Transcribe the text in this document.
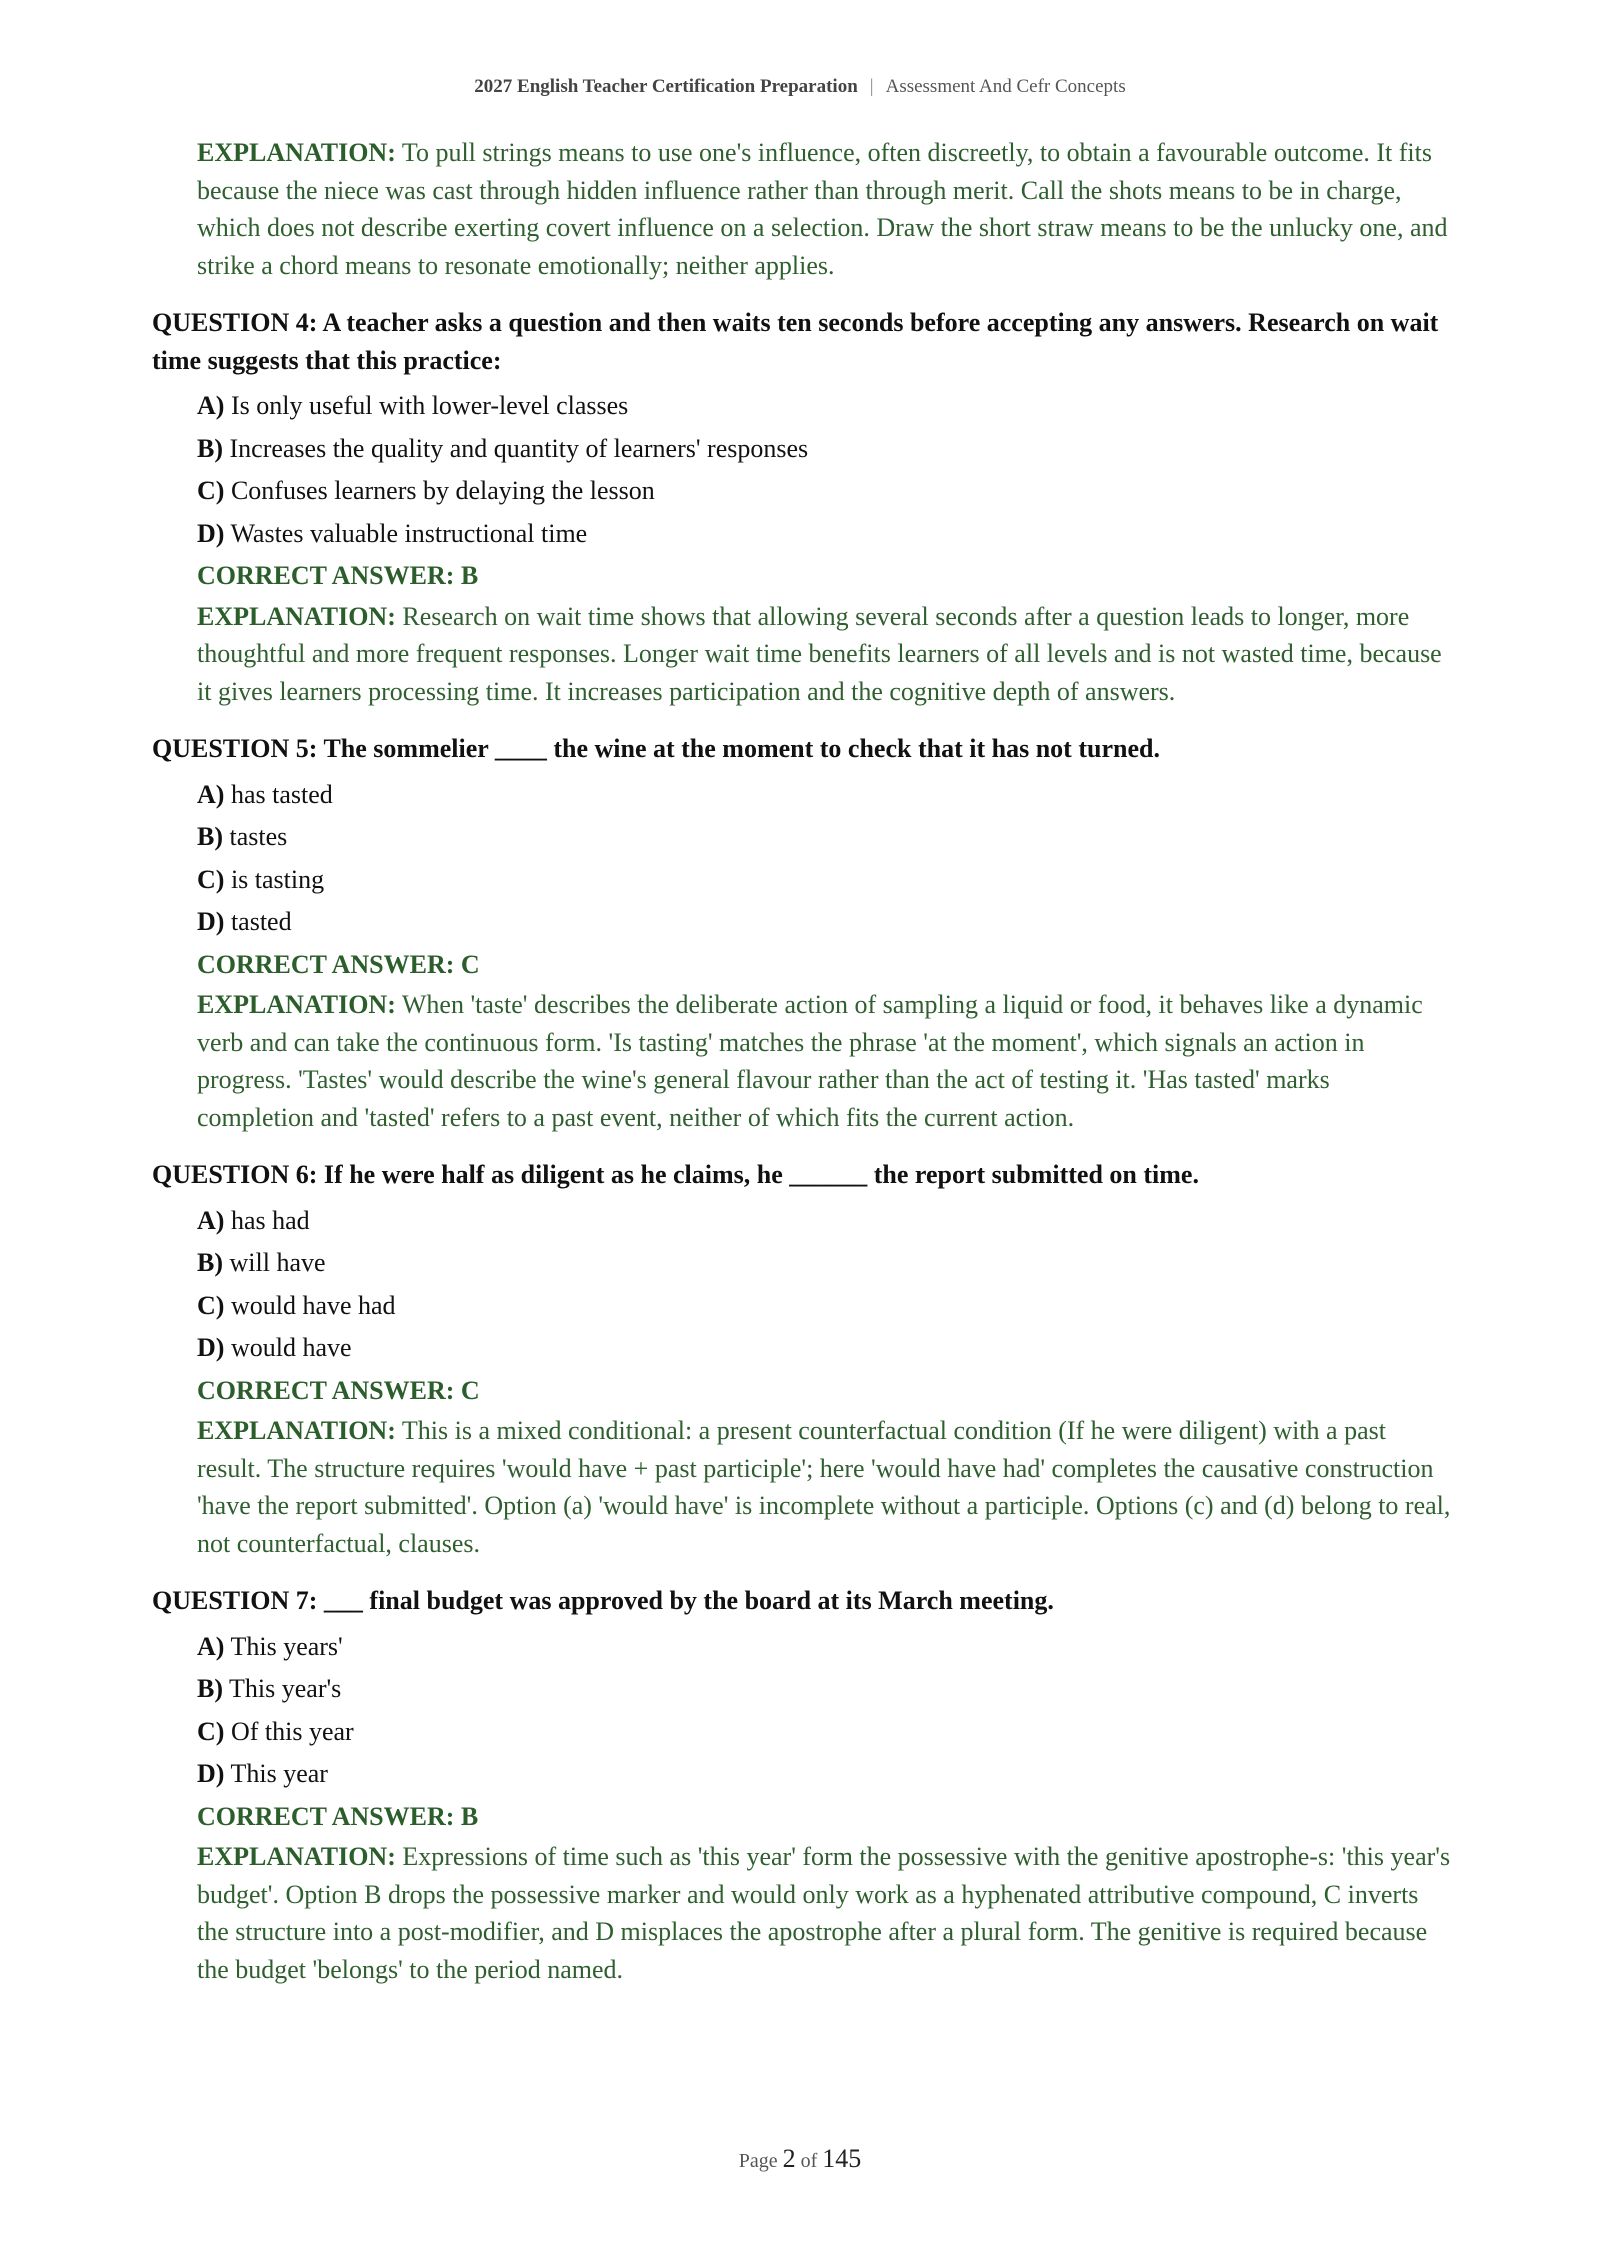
2027 English Teacher Certification Preparation | Assessment And Cefr Concepts
EXPLANATION: To pull strings means to use one's influence, often discreetly, to obtain a favourable outcome. It fits because the niece was cast through hidden influence rather than through merit. Call the shots means to be in charge, which does not describe exerting covert influence on a selection. Draw the short straw means to be the unlucky one, and strike a chord means to resonate emotionally; neither applies.
QUESTION 4: A teacher asks a question and then waits ten seconds before accepting any answers. Research on wait time suggests that this practice:
A) Is only useful with lower-level classes
B) Increases the quality and quantity of learners' responses
C) Confuses learners by delaying the lesson
D) Wastes valuable instructional time
CORRECT ANSWER: B
EXPLANATION: Research on wait time shows that allowing several seconds after a question leads to longer, more thoughtful and more frequent responses. Longer wait time benefits learners of all levels and is not wasted time, because it gives learners processing time. It increases participation and the cognitive depth of answers.
QUESTION 5: The sommelier ____ the wine at the moment to check that it has not turned.
A) has tasted
B) tastes
C) is tasting
D) tasted
CORRECT ANSWER: C
EXPLANATION: When 'taste' describes the deliberate action of sampling a liquid or food, it behaves like a dynamic verb and can take the continuous form. 'Is tasting' matches the phrase 'at the moment', which signals an action in progress. 'Tastes' would describe the wine's general flavour rather than the act of testing it. 'Has tasted' marks completion and 'tasted' refers to a past event, neither of which fits the current action.
QUESTION 6: If he were half as diligent as he claims, he ______ the report submitted on time.
A) has had
B) will have
C) would have had
D) would have
CORRECT ANSWER: C
EXPLANATION: This is a mixed conditional: a present counterfactual condition (If he were diligent) with a past result. The structure requires 'would have + past participle'; here 'would have had' completes the causative construction 'have the report submitted'. Option (a) 'would have' is incomplete without a participle. Options (c) and (d) belong to real, not counterfactual, clauses.
QUESTION 7: ___ final budget was approved by the board at its March meeting.
A) This years'
B) This year's
C) Of this year
D) This year
CORRECT ANSWER: B
EXPLANATION: Expressions of time such as 'this year' form the possessive with the genitive apostrophe-s: 'this year's budget'. Option B drops the possessive marker and would only work as a hyphenated attributive compound, C inverts the structure into a post-modifier, and D misplaces the apostrophe after a plural form. The genitive is required because the budget 'belongs' to the period named.
Page 2 of 145
